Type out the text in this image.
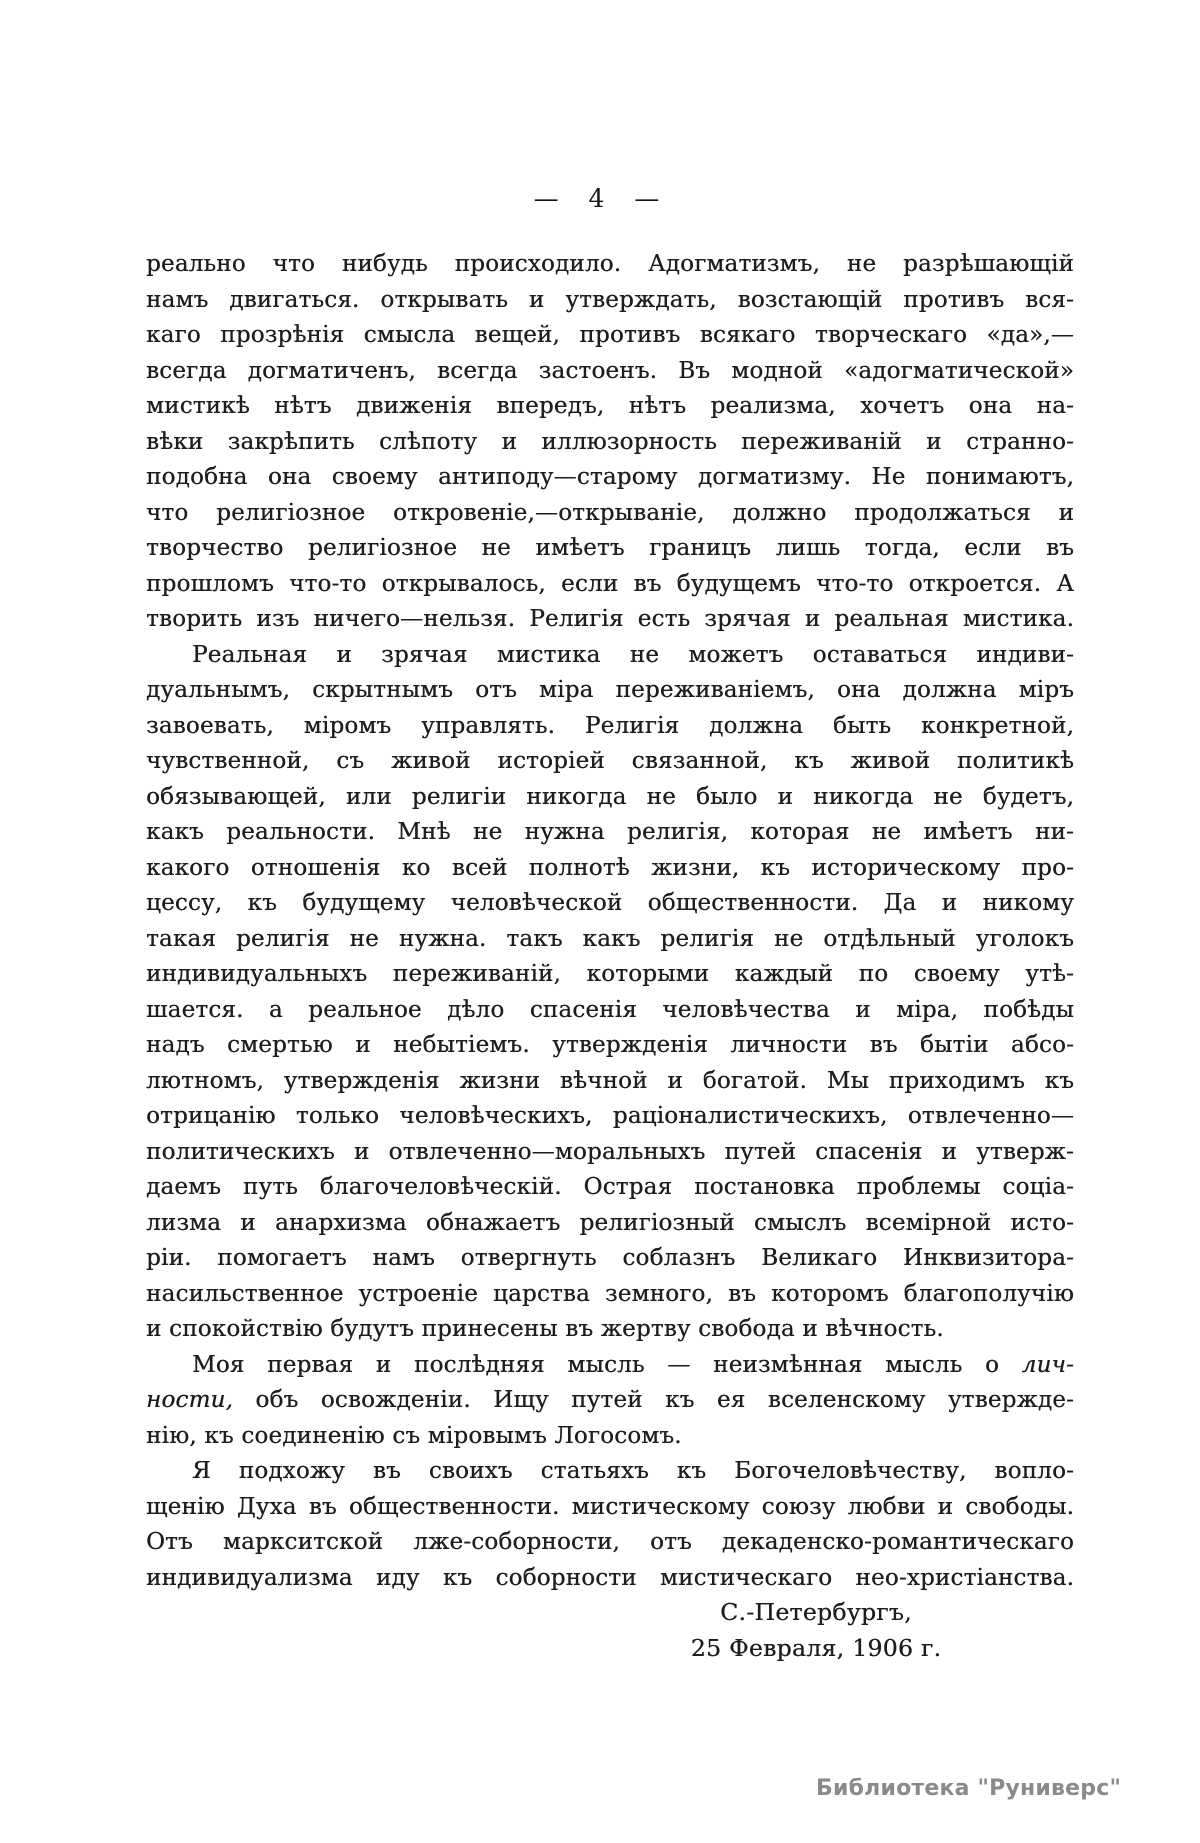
— 4 —
реально что нибудь происходило. Адогматизмъ, не разрѣшающій
намъ двигаться. открывать и утверждать, возстающій противъ вся-
каго прозрѣнія смысла вещей, противъ всякаго творческаго «да»,—
всегда догматиченъ, всегда застоенъ. Въ модной «адогматической»
мистикѣ нѣтъ движенія впередъ, нѣтъ реализма, хочетъ она на-
вѣки закрѣпить слѣпоту и иллюзорность переживаній и странно-
подобна она своему антиподу—старому догматизму. Не понимаютъ,
что религіозное откровеніе,—открываніе, должно продолжаться и
творчество религіозное не имѣетъ границъ лишь тогда, если въ
прошломъ что-то открывалось, если въ будущемъ что-то откроется. А
творить изъ ничего—нельзя. Религія есть зрячая и реальная мистика.
Реальная и зрячая мистика не можетъ оставаться индиви-
дуальнымъ, скрытнымъ отъ міра переживаніемъ, она должна міръ
завоевать, міромъ управлять. Религія должна быть конкретной,
чувственной, съ живой исторіей связанной, къ живой политикѣ
обязывающей, или религіи никогда не было и никогда не будетъ,
какъ реальности. Мнѣ не нужна религія, которая не имѣетъ ни-
какого отношенія ко всей полнотѣ жизни, къ историческому про-
цессу, къ будущему человѣческой общественности. Да и никому
такая религія не нужна. такъ какъ религія не отдѣльный уголокъ
индивидуальныхъ переживаній, которыми каждый по своему утѣ-
шается. а реальное дѣло спасенія человѣчества и міра, побѣды
надъ смертью и небытіемъ. утвержденія личности въ бытіи абсо-
лютномъ, утвержденія жизни вѣчной и богатой. Мы приходимъ къ
отрицанію только человѣческихъ, раціоналистическихъ, отвлеченно—
политическихъ и отвлеченно—моральныхъ путей спасенія и утверж-
даемъ путь благочеловѣческій. Острая постановка проблемы соціа-
лизма и анархизма обнажаетъ религіозный смыслъ всемірной исто-
ріи. помогаетъ намъ отвергнуть соблазнъ Великаго Инквизитора-
насильственное устроеніе царства земного, въ которомъ благополучію
и спокойствію будутъ принесены въ жертву свобода и вѣчность.
Моя первая и послѣдняя мысль — неизмѣнная мысль о лич-
ности, объ освожденіи. Ищу путей къ ея вселенскому утвержде-
нію, къ соединенію съ міровымъ Логосомъ.
Я подхожу въ своихъ статьяхъ къ Богочеловѣчеству, вопло-
щенію Духа въ общественности. мистическому союзу любви и свободы.
Отъ маркситской лже-соборности, отъ декаденско-романтическаго
индивидуализма иду къ соборности мистическаго нео-христіанства.
С.-Петербургъ,
25 Февраля, 1906 г.
Библиотека "Руниверс"
